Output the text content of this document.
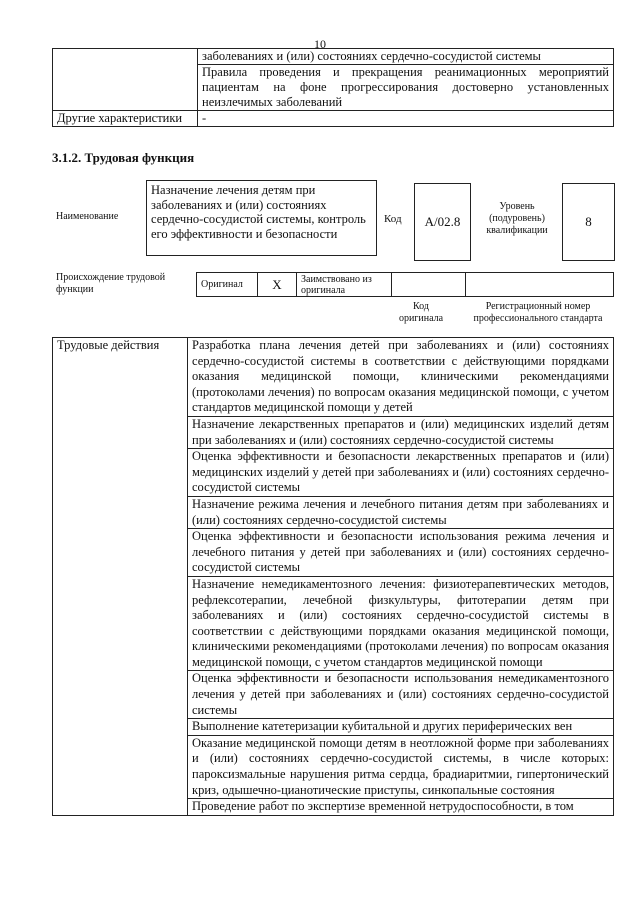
10
	заболеваниях и (или) состояниях сердечно-сосудистой системы
	Правила проведения и прекращения реанимационных мероприятий пациентам на фоне прогрессирования достоверно установленных неизлечимых заболеваний
Другие характеристики	-
3.1.2. Трудовая функция
Наименование
Назначение лечения детям при заболеваниях и (или) состояниях сердечно-сосудистой системы, контроль его эффективности и безопасности
Код	A/02.8
Уровень (подуровень) квалификации
8
Происхождение трудовой функции	Оригинал	X	Заимствовано из оригинала		
Код оригинала
Регистрационный номер профессионального стандарта
Трудовые действия	Разработка плана лечения детей при заболеваниях и (или) состояниях сердечно-сосудистой системы в соответствии с действующими порядками оказания медицинской помощи, клиническими рекомендациями (протоколами лечения) по вопросам оказания медицинской помощи, с учетом стандартов медицинской помощи у детей
Назначение лекарственных препаратов и (или) медицинских изделий детям при заболеваниях и (или) состояниях сердечно-сосудистой системы
Оценка эффективности и безопасности лекарственных препаратов и (или) медицинских изделий у детей при заболеваниях и (или) состояниях сердечно-сосудистой системы
Назначение режима лечения и лечебного питания детям при заболеваниях и (или) состояниях сердечно-сосудистой системы
Оценка эффективности и безопасности использования режима лечения и лечебного питания у детей при заболеваниях и (или) состояниях сердечно-сосудистой системы
Назначение немедикаментозного лечения: физиотерапевтических методов, рефлексотерапии, лечебной физкультуры, фитотерапии детям при заболеваниях и (или) состояниях сердечно-сосудистой системы в соответствии с действующими порядками оказания медицинской помощи, клиническими рекомендациями (протоколами лечения) по вопросам оказания медицинской помощи, с учетом стандартов медицинской помощи
Оценка эффективности и безопасности использования немедикаментозного лечения у детей при заболеваниях и (или) состояниях сердечно-сосудистой системы
Выполнение катетеризации кубитальной и других периферических вен
Оказание медицинской помощи детям в неотложной форме при заболеваниях и (или) состояниях сердечно-сосудистой системы, в числе которых: пароксизмальные нарушения ритма сердца, брадиаритмии, гипертонический криз, одышечно-цианотические приступы, синкопальные состояния
Проведение работ по экспертизе временной нетрудоспособности, в том
